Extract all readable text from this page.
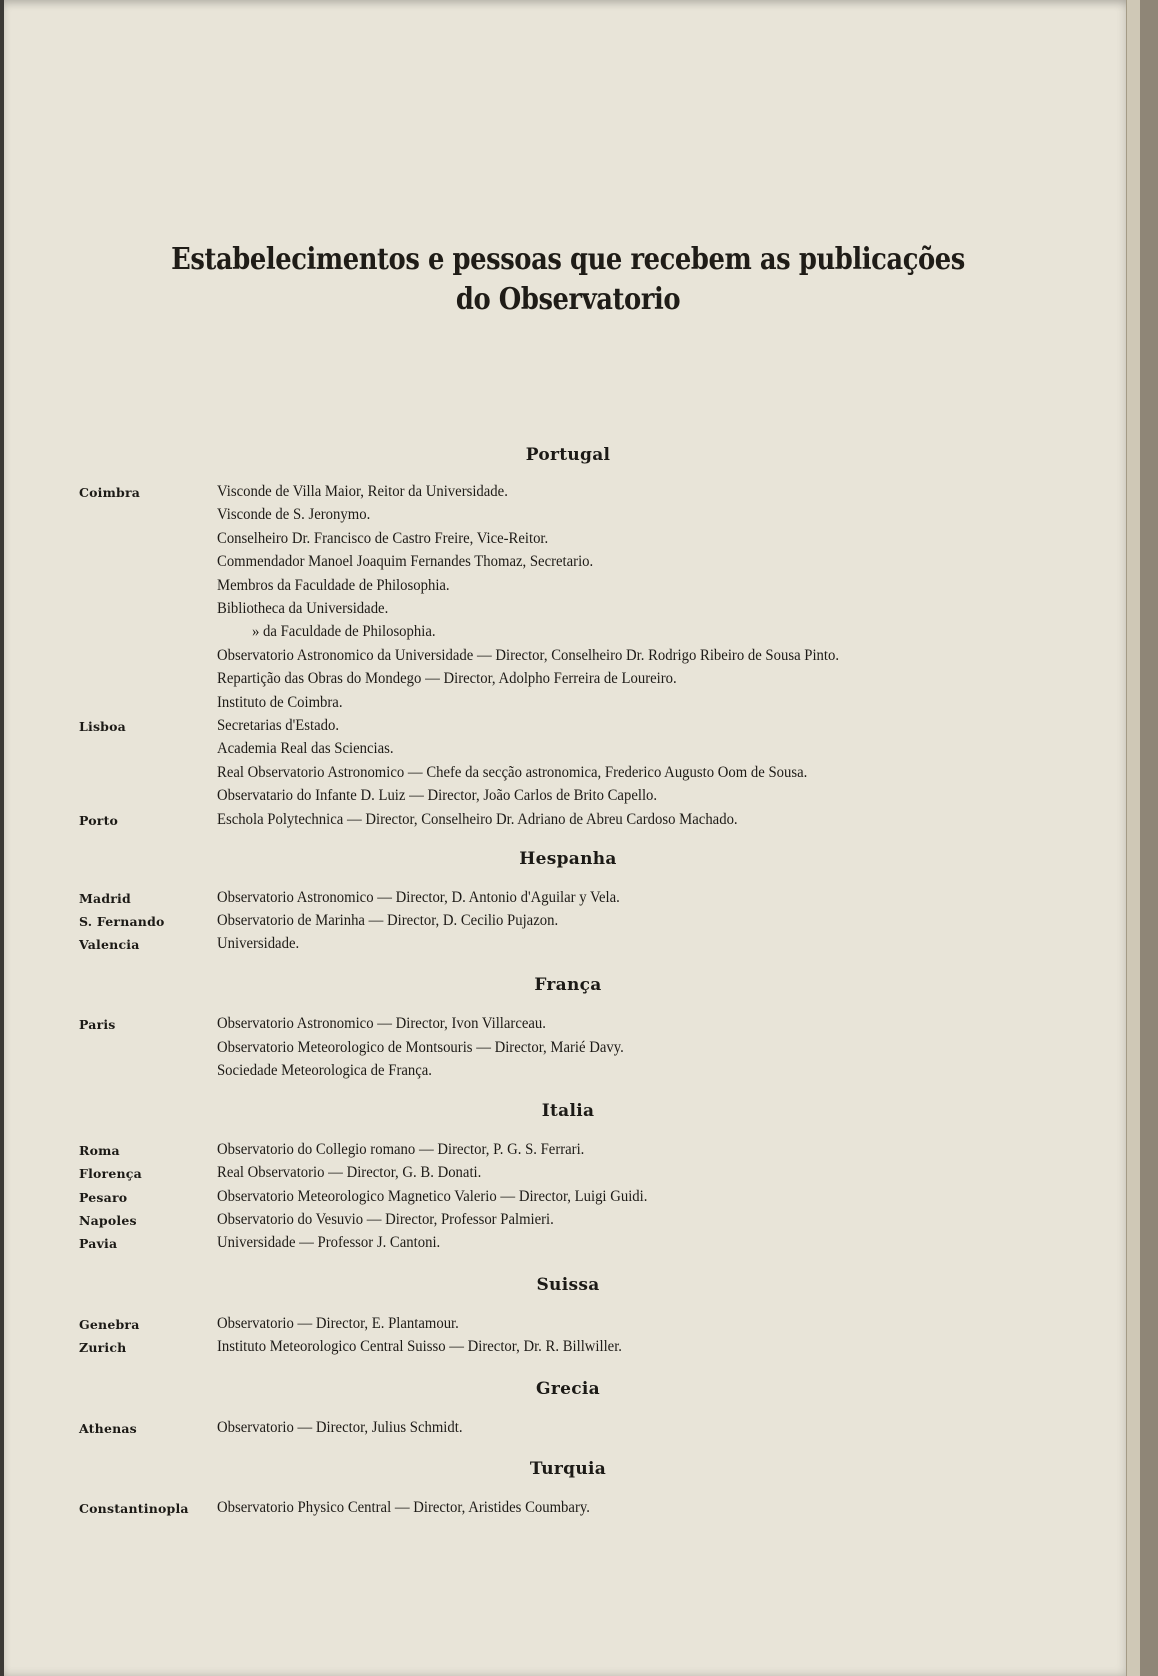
Estabelecimentos e pessoas que recebem as publicações
do Observatorio
Portugal
Coimbra	Visconde de Villa Maior, Reitor da Universidade.
Visconde de S. Jeronymo.
Conselheiro Dr. Francisco de Castro Freire, Vice-Reitor.
Commendador Manoel Joaquim Fernandes Thomaz, Secretario.
Membros da Faculdade de Philosophia.
Bibliotheca da Universidade.
» da Faculdade de Philosophia.
Observatorio Astronomico da Universidade — Director, Conselheiro Dr. Rodrigo Ribeiro de Sousa Pinto.
Repartição das Obras do Mondego — Director, Adolpho Ferreira de Loureiro.
Instituto de Coimbra.
Lisboa	Secretarias d'Estado.
Academia Real das Sciencias.
Real Observatorio Astronomico — Chefe da secção astronomica, Frederico Augusto Oom de Sousa.
Observatario do Infante D. Luiz — Director, João Carlos de Brito Capello.
Porto	Eschola Polytechnica — Director, Conselheiro Dr. Adriano de Abreu Cardoso Machado.
Hespanha
Madrid	Observatorio Astronomico — Director, D. Antonio d'Aguilar y Vela.
S. Fernando	Observatorio de Marinha — Director, D. Cecilio Pujazon.
Valencia	Universidade.
França
Paris	Observatorio Astronomico — Director, Ivon Villarceau.
Observatorio Meteorologico de Montsouris — Director, Marié Davy.
Sociedade Meteorologica de França.
Italia
Roma	Observatorio do Collegio romano — Director, P. G. S. Ferrari.
Florença	Real Observatorio — Director, G. B. Donati.
Pesaro	Observatorio Meteorologico Magnetico Valerio — Director, Luigi Guidi.
Napoles	Observatorio do Vesuvio — Director, Professor Palmieri.
Pavia	Universidade — Professor J. Cantoni.
Suissa
Genebra	Observatorio — Director, E. Plantamour.
Zurich	Instituto Meteorologico Central Suisso — Director, Dr. R. Billwiller.
Grecia
Athenas	Observatorio — Director, Julius Schmidt.
Turquia
Constantinopla Observatorio Physico Central — Director, Aristides Coumbary.
